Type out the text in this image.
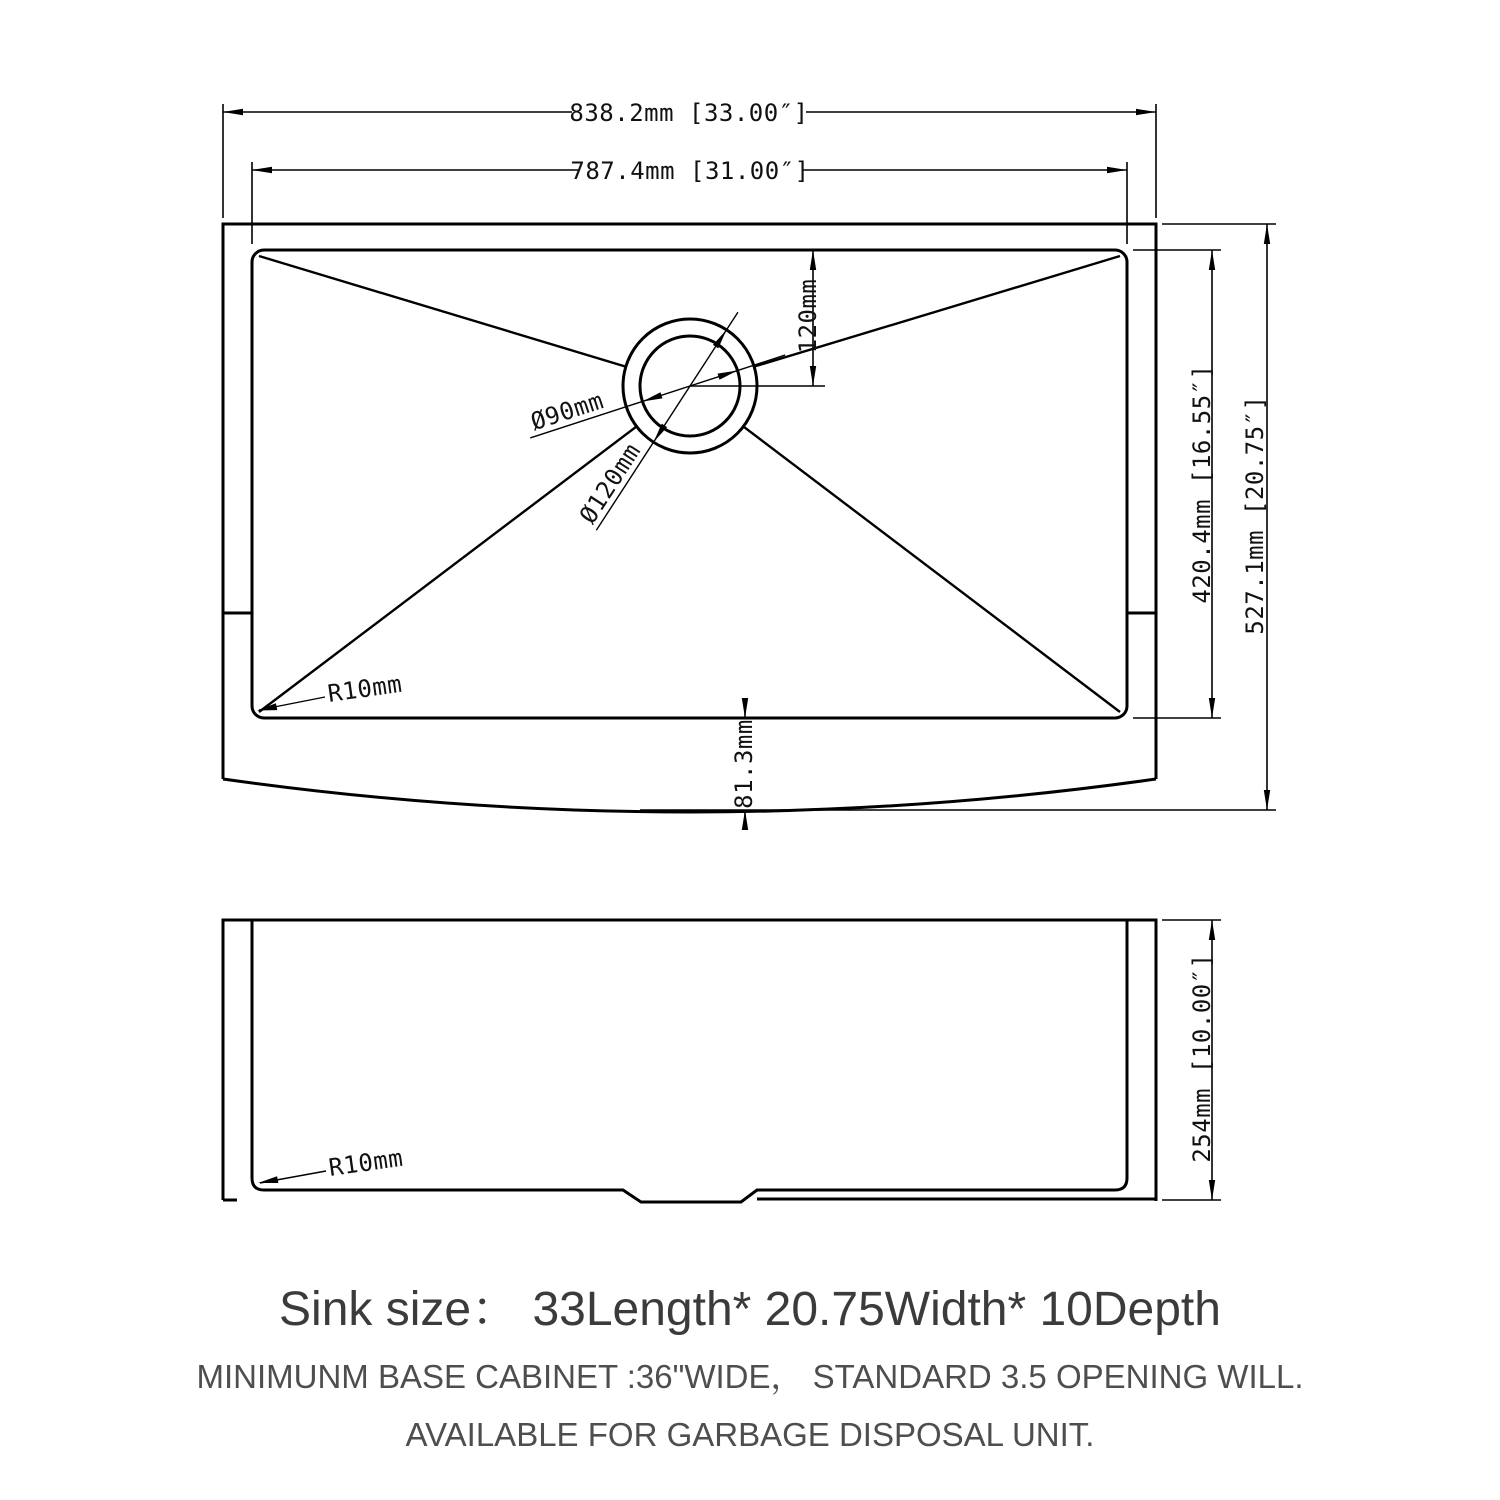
838.2mm [33.00″]
787.4mm [31.00″]
420.4mm [16.55″] 527.1mm [20.75″]
120mm
81.3mm
Ø90mm
Ø120mm
R10mm
R10mm
254mm [10.00″]
Sink size： 33Length* 20.75Width* 10Depth
MINIMUNM BASE CABINET :36"WIDE， STANDARD 3.5 OPENING WILL.
AVAILABLE FOR GARBAGE DISPOSAL UNIT.
